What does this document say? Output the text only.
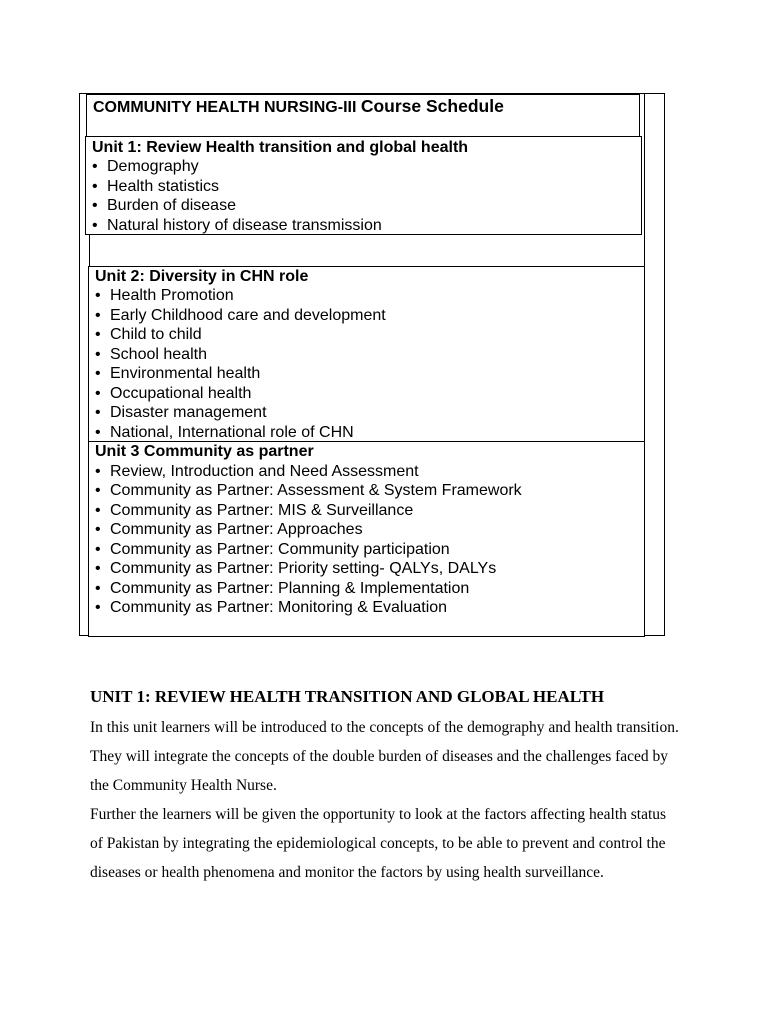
COMMUNITY HEALTH NURSING-III Course Schedule
Unit 1: Review Health transition and global health
• Demography
• Health statistics
• Burden of disease
• Natural history of disease transmission
Unit 2: Diversity in CHN role
• Health Promotion
• Early Childhood care and development
• Child to child
• School health
• Environmental health
• Occupational health
• Disaster management
• National, International role of CHN
Unit 3 Community as partner
• Review, Introduction and Need Assessment
• Community as Partner: Assessment & System Framework
• Community as Partner: MIS & Surveillance
• Community as Partner: Approaches
• Community as Partner: Community participation
• Community as Partner: Priority setting- QALYs, DALYs
• Community as Partner: Planning & Implementation
• Community as Partner: Monitoring & Evaluation
UNIT 1: REVIEW HEALTH TRANSITION AND GLOBAL HEALTH

In this unit learners will be introduced to the concepts of the demography and health transition. They will integrate the concepts of the double burden of diseases and the challenges faced by the Community Health Nurse.

Further the learners will be given the opportunity to look at the factors affecting health status of Pakistan by integrating the epidemiological concepts, to be able to prevent and control the diseases or health phenomena and monitor the factors by using health surveillance.
